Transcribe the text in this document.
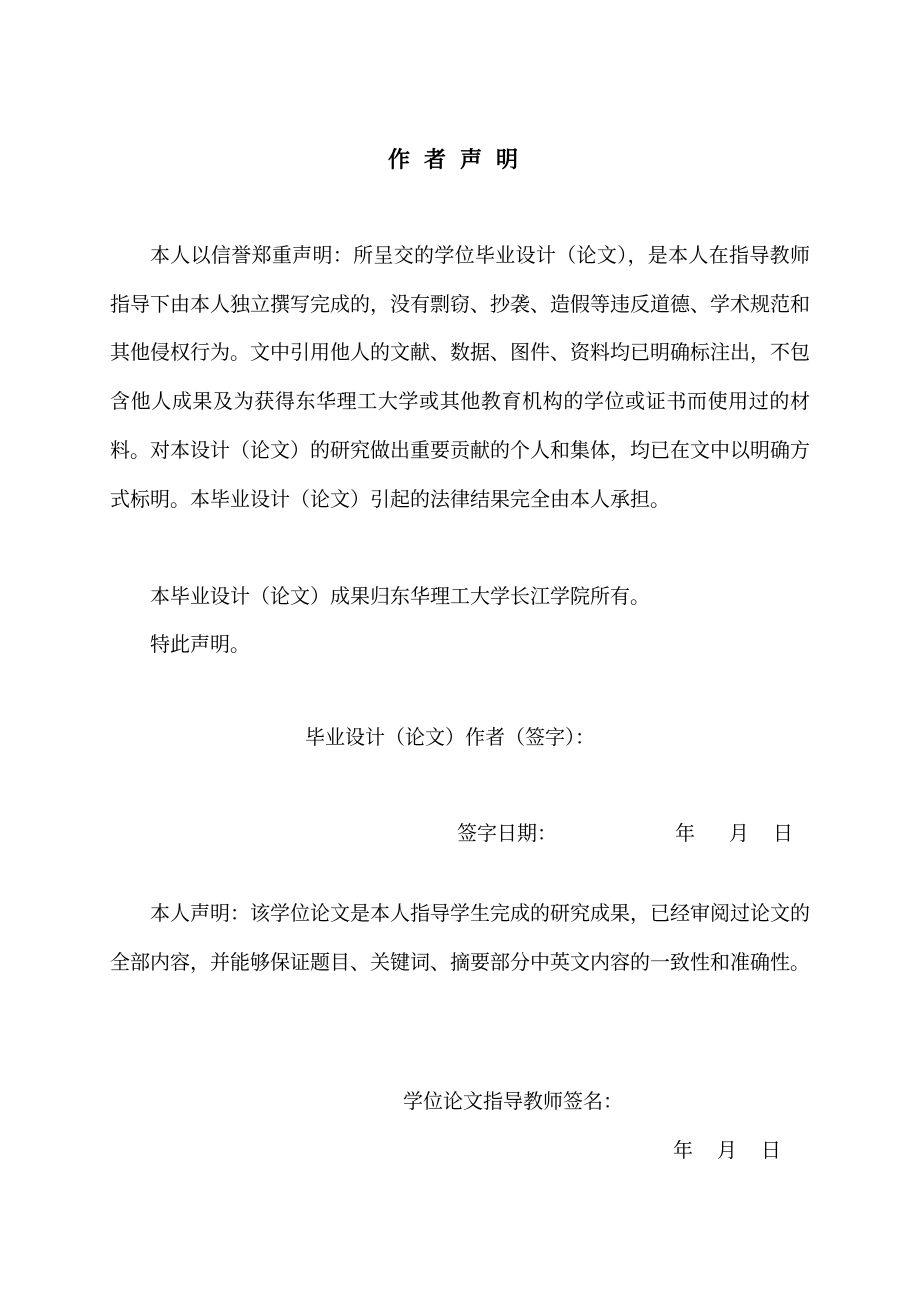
作者声明

本人以信誉郑重声明：所呈交的学位毕业设计（论文），是本人在指导教师指导下由本人独立撰写完成的，没有剽窃、抄袭、造假等违反道德、学术规范和其他侵权行为。文中引用他人的文献、数据、图件、资料均已明确标注出，不包含他人成果及为获得东华理工大学或其他教育机构的学位或证书而使用过的材料。对本设计（论文）的研究做出重要贡献的个人和集体，均已在文中以明确方式标明。本毕业设计（论文）引起的法律结果完全由本人承担。

本毕业设计（论文）成果归东华理工大学长江学院所有。

特此声明。

毕业设计（论文）作者（签字）：
签字日期：	年 月 日

本人声明：该学位论文是本人指导学生完成的研究成果，已经审阅过论文的全部内容，并能够保证题目、关键词、摘要部分中英文内容的一致性和准确性。

学位论文指导教师签名：
年 月 日
